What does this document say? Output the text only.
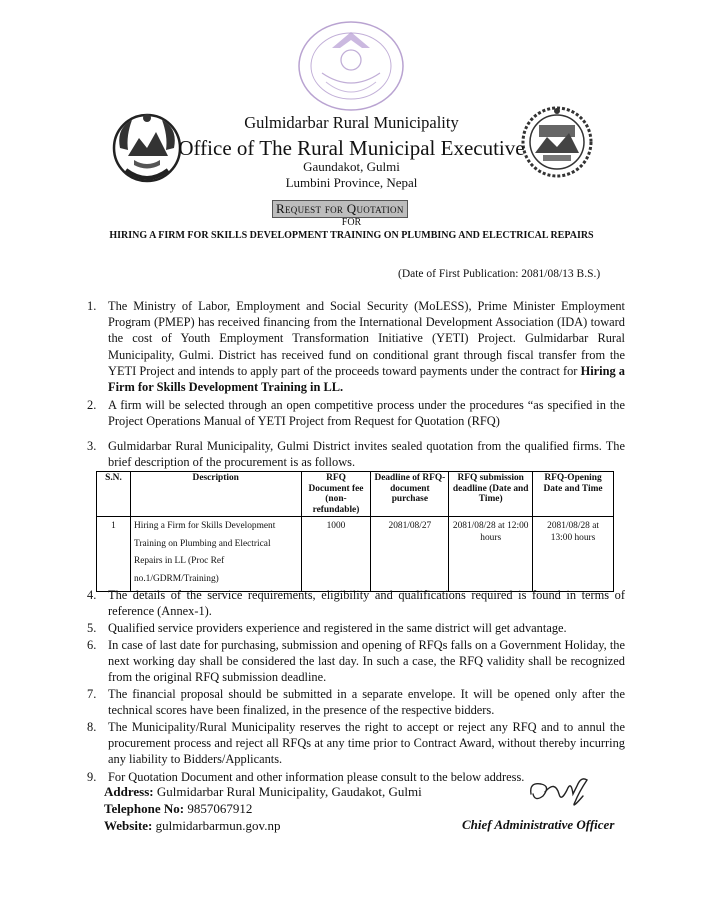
Gulmidarbar Rural Municipality
Office of The Rural Municipal Executive
Gaundakot, Gulmi
Lumbini Province, Nepal
Request for Quotation
FOR
HIRING A FIRM FOR SKILLS DEVELOPMENT TRAINING ON PLUMBING AND ELECTRICAL REPAIRS
(Date of First Publication: 2081/08/13 B.S.)
1. The Ministry of Labor, Employment and Social Security (MoLESS), Prime Minister Employment Program (PMEP) has received financing from the International Development Association (IDA) toward the cost of Youth Employment Transformation Initiative (YETI) Project. Gulmidarbar Rural Municipality, Gulmi. District has received fund on conditional grant through fiscal transfer from the YETI Project and intends to apply part of the proceeds toward payments under the contract for Hiring a Firm for Skills Development Training in LL.
2. A firm will be selected through an open competitive process under the procedures “as specified in the Project Operations Manual of YETI Project from Request for Quotation (RFQ)
3. Gulmidarbar Rural Municipality, Gulmi District invites sealed quotation from the qualified firms. The brief description of the procurement is as follows.
S.N.	Description	RFQ Document fee (non-refundable)	Deadline of RFQ-document purchase	RFQ submission deadline (Date and Time)	RFQ-Opening Date and Time
1	Hiring a Firm for Skills Development Training on Plumbing and Electrical Repairs in LL (Proc Ref no.1/GDRM/Training)	1000	2081/08/27	2081/08/28 at 12:00 hours	2081/08/28 at 13:00 hours
4. The details of the service requirements, eligibility and qualifications required is found in terms of reference (Annex-1).
5. Qualified service providers experience and registered in the same district will get advantage.
6. In case of last date for purchasing, submission and opening of RFQs falls on a Government Holiday, the next working day shall be considered the last day. In such a case, the RFQ validity shall be recognized from the original RFQ submission deadline.
7. The financial proposal should be submitted in a separate envelope. It will be opened only after the technical scores have been finalized, in the presence of the respective bidders.
8. The Municipality/Rural Municipality reserves the right to accept or reject any RFQ and to annul the procurement process and reject all RFQs at any time prior to Contract Award, without thereby incurring any liability to Bidders/Applicants.
9. For Quotation Document and other information please consult to the below address.
Address: Gulmidarbar Rural Municipality, Gaudakot, Gulmi
Telephone No: 9857067912
Website: gulmidarbarmun.gov.np	Chief Administrative Officer
